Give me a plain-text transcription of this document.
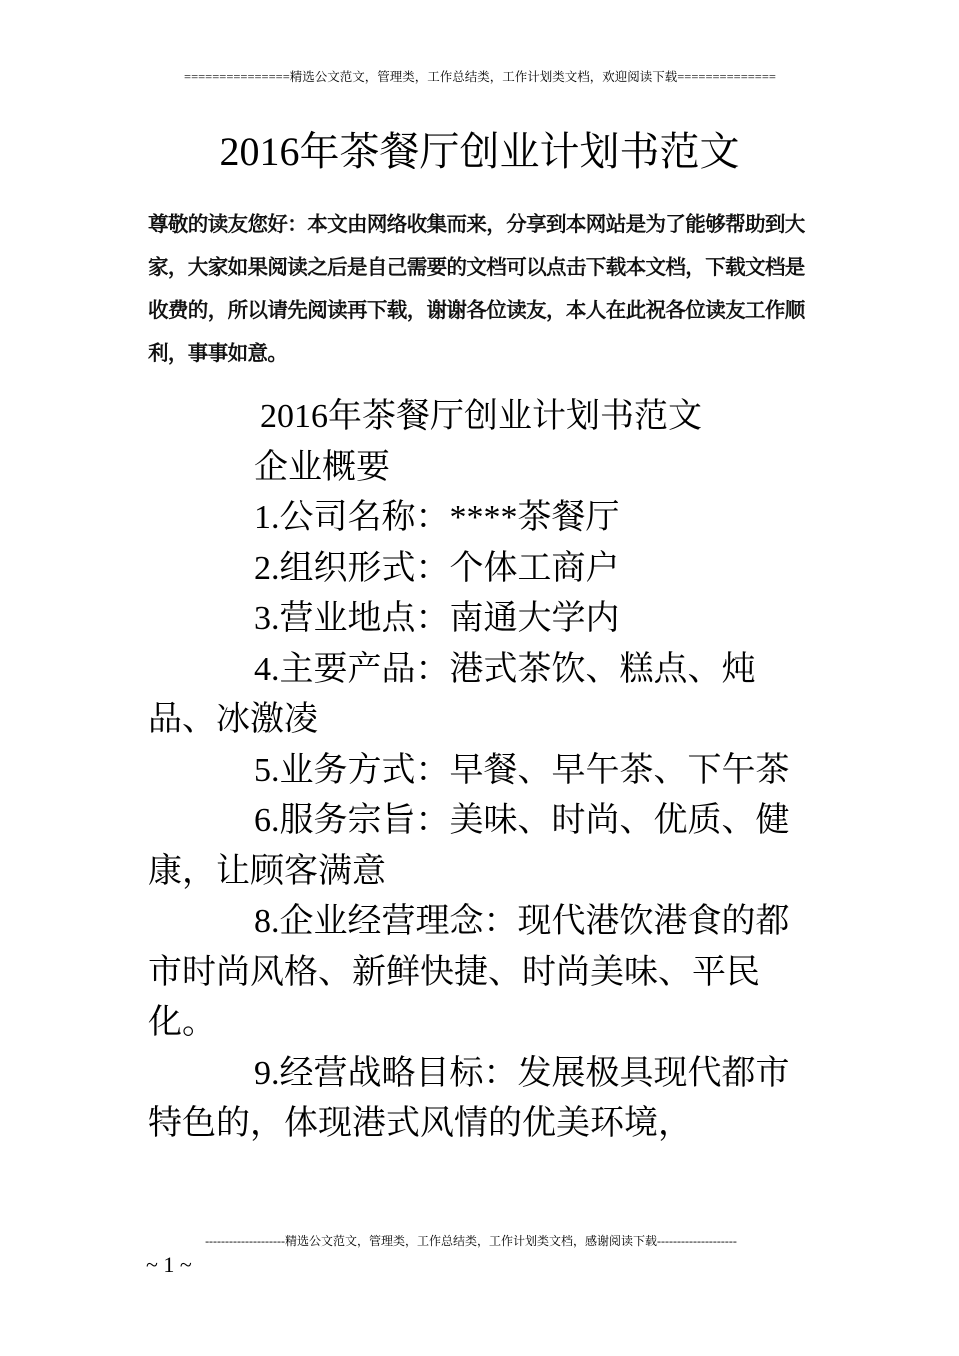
===============精选公文范文，管理类，工作总结类，工作计划类文档，欢迎阅读下载==============
2016年茶餐厅创业计划书范文
尊敬的读友您好：本文由网络收集而来，分享到本网站是为了能够帮助到大家，大家如果阅读之后是自己需要的文档可以点击下载本文档，下载文档是收费的，所以请先阅读再下载，谢谢各位读友，本人在此祝各位读友工作顺利，事事如意。

2016年茶餐厅创业计划书范文

企业概要

1.公司名称：****茶餐厅

2.组织形式：个体工商户

3.营业地点：南通大学内

4.主要产品：港式茶饮、糕点、炖品、冰激凌

5.业务方式：早餐、早午茶、下午茶

6.服务宗旨：美味、时尚、优质、健康，让顾客满意

8.企业经营理念：现代港饮港食的都市时尚风格、新鲜快捷、时尚美味、平民化。

9.经营战略目标：发展极具现代都市特色的，体现港式风情的优美环境，

--------------------精选公文范文，管理类，工作总结类，工作计划类文档，感谢阅读下载--------------------
~ 1 ~
